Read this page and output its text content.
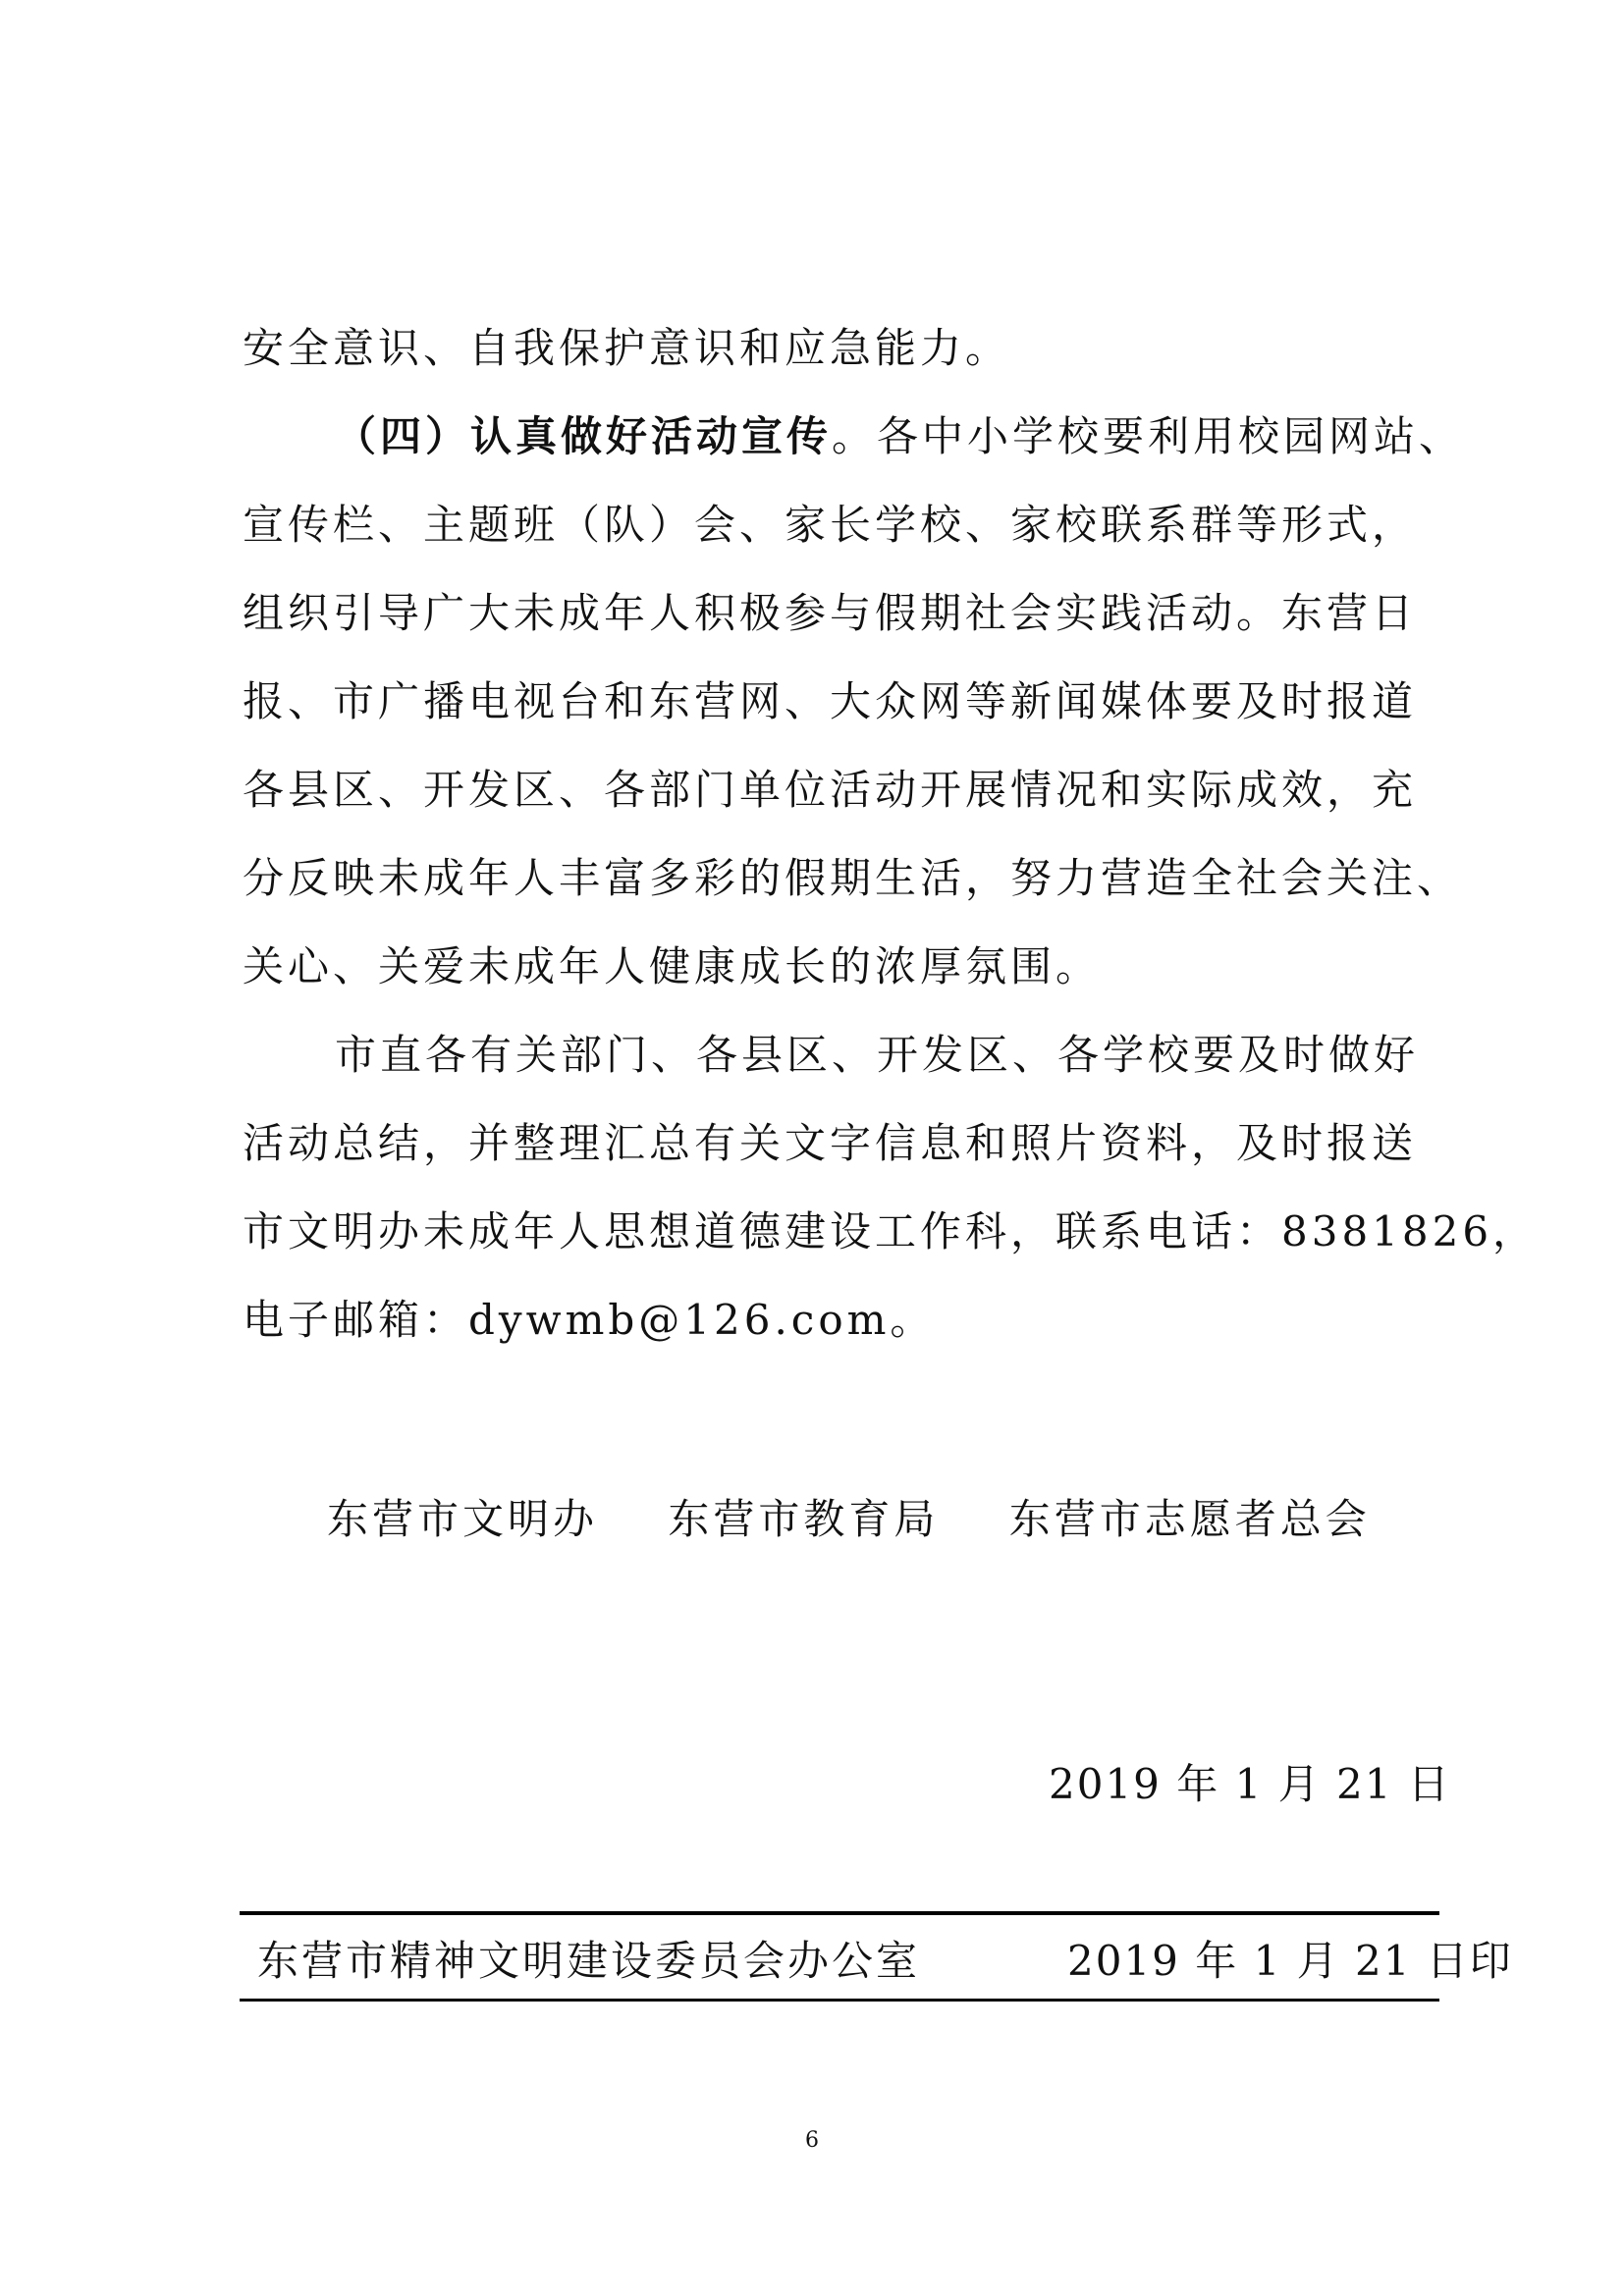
安全意识、自我保护意识和应急能力。
（四）认真做好活动宣传。各中小学校要利用校园网站、
宣传栏、主题班（队）会、家长学校、家校联系群等形式，
组织引导广大未成年人积极参与假期社会实践活动。东营日
报、市广播电视台和东营网、大众网等新闻媒体要及时报道
各县区、开发区、各部门单位活动开展情况和实际成效，充
分反映未成年人丰富多彩的假期生活，努力营造全社会关注、
关心、关爱未成年人健康成长的浓厚氛围。
市直各有关部门、各县区、开发区、各学校要及时做好
活动总结，并整理汇总有关文字信息和照片资料，及时报送
市文明办未成年人思想道德建设工作科，联系电话：8381826，
电子邮箱：dywmb@126.com。
东营市文明办 东营市教育局 东营市志愿者总会
2019 年 1 月 21 日
东营市精神文明建设委员会办公室	2019 年 1 月 21 日印
6
